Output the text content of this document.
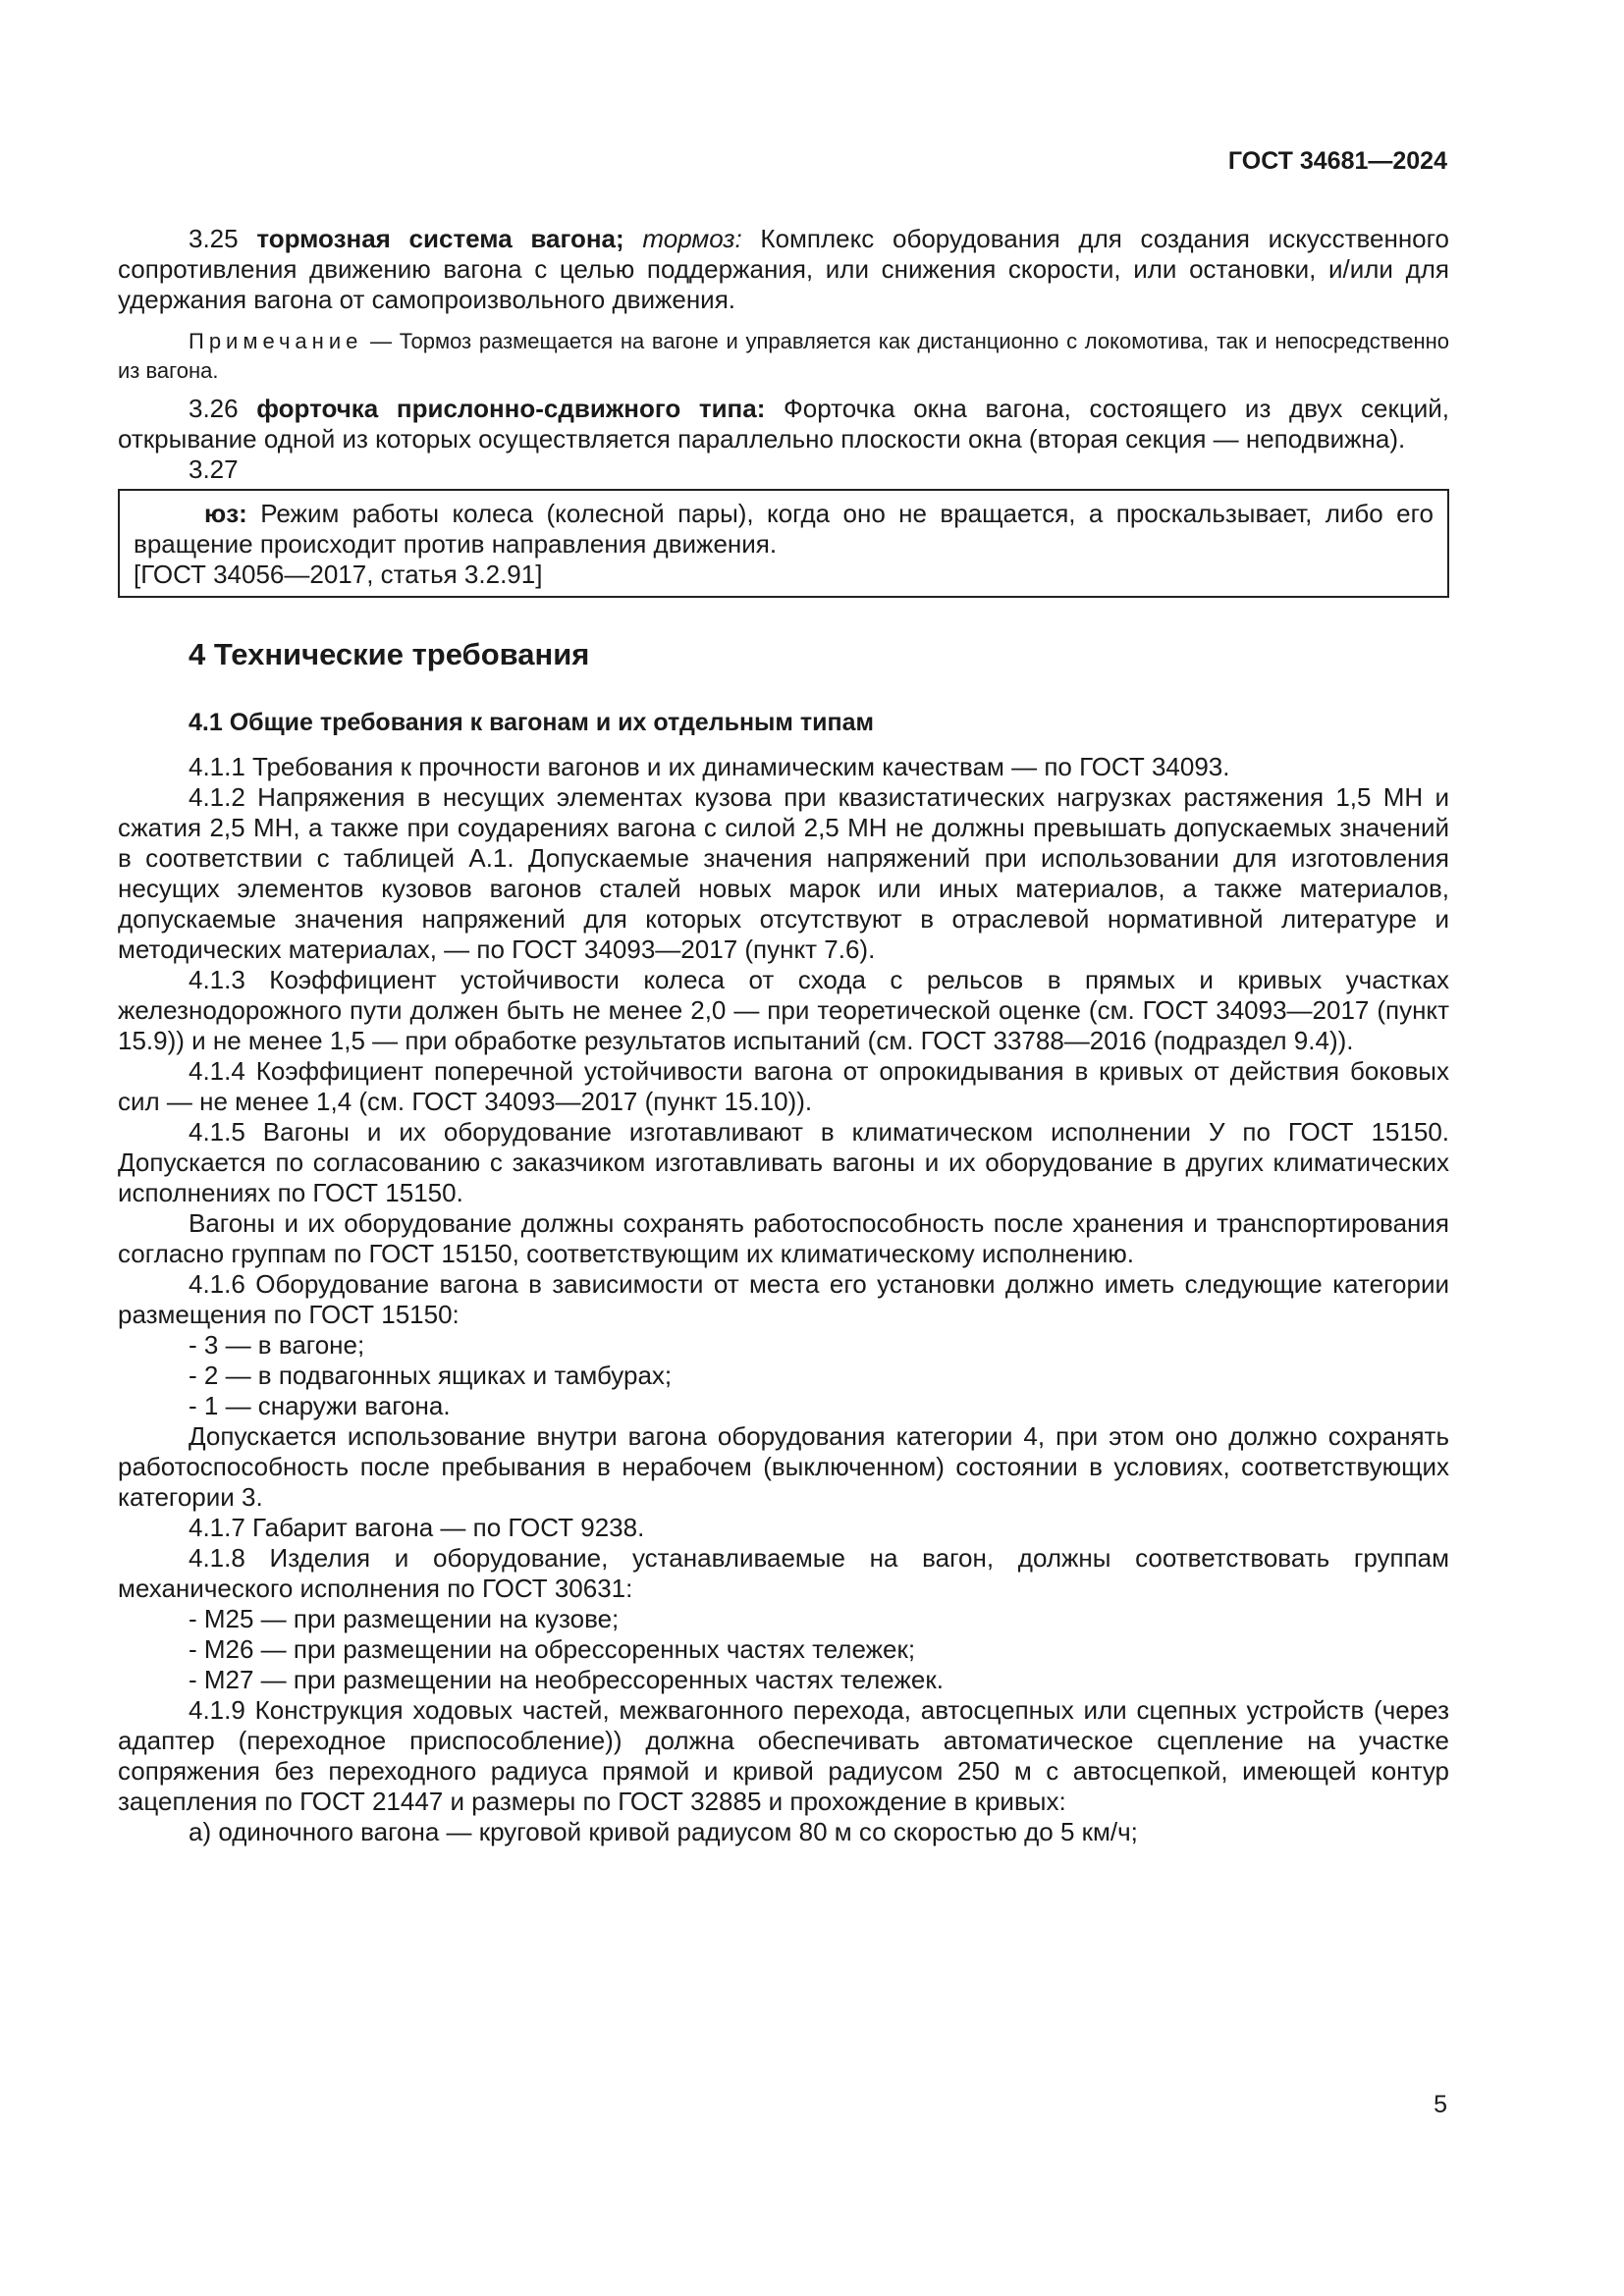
ГОСТ 34681—2024

3.25 тормозная система вагона; тормоз: Комплекс оборудования для создания искусственного сопротивления движению вагона с целью поддержания, или снижения скорости, или остановки, и/или для удержания вагона от самопроизвольного движения.

Примечание — Тормоз размещается на вагоне и управляется как дистанционно с локомотива, так и непосредственно из вагона.

3.26 форточка прислонно-сдвижного типа: Форточка окна вагона, состоящего из двух секций, открывание одной из которых осуществляется параллельно плоскости окна (вторая секция — неподвижна).

3.27

юз: Режим работы колеса (колесной пары), когда оно не вращается, а проскальзывает, либо его вращение происходит против направления движения.

[ГОСТ 34056—2017, статья 3.2.91]

4 Технические требования
4.1 Общие требования к вагонам и их отдельным типам

4.1.1 Требования к прочности вагонов и их динамическим качествам — по ГОСТ 34093.

4.1.2 Напряжения в несущих элементах кузова при квазистатических нагрузках растяжения 1,5 МН и сжатия 2,5 МН, а также при соударениях вагона с силой 2,5 МН не должны превышать допускаемых значений в соответствии с таблицей А.1. Допускаемые значения напряжений при использовании для изготовления несущих элементов кузовов вагонов сталей новых марок или иных материалов, а также материалов, допускаемые значения напряжений для которых отсутствуют в отраслевой нормативной литературе и методических материалах, — по ГОСТ 34093—2017 (пункт 7.6).

4.1.3 Коэффициент устойчивости колеса от схода с рельсов в прямых и кривых участках железнодорожного пути должен быть не менее 2,0 — при теоретической оценке (см. ГОСТ 34093—2017 (пункт 15.9)) и не менее 1,5 — при обработке результатов испытаний (см. ГОСТ 33788—2016 (подраздел 9.4)).

4.1.4 Коэффициент поперечной устойчивости вагона от опрокидывания в кривых от действия боковых сил — не менее 1,4 (см. ГОСТ 34093—2017 (пункт 15.10)).

4.1.5 Вагоны и их оборудование изготавливают в климатическом исполнении У по ГОСТ 15150. Допускается по согласованию с заказчиком изготавливать вагоны и их оборудование в других климатических исполнениях по ГОСТ 15150.

Вагоны и их оборудование должны сохранять работоспособность после хранения и транспортирования согласно группам по ГОСТ 15150, соответствующим их климатическому исполнению.

4.1.6 Оборудование вагона в зависимости от места его установки должно иметь следующие категории размещения по ГОСТ 15150:

- 3 — в вагоне;

- 2 — в подвагонных ящиках и тамбурах;

- 1 — снаружи вагона.

Допускается использование внутри вагона оборудования категории 4, при этом оно должно сохранять работоспособность после пребывания в нерабочем (выключенном) состоянии в условиях, соответствующих категории 3.

4.1.7 Габарит вагона — по ГОСТ 9238.

4.1.8 Изделия и оборудование, устанавливаемые на вагон, должны соответствовать группам механического исполнения по ГОСТ 30631:

- М25 — при размещении на кузове;

- М26 — при размещении на обрессоренных частях тележек;

- М27 — при размещении на необрессоренных частях тележек.

4.1.9 Конструкция ходовых частей, межвагонного перехода, автосцепных или сцепных устройств (через адаптер (переходное приспособление)) должна обеспечивать автоматическое сцепление на участке сопряжения без переходного радиуса прямой и кривой радиусом 250 м с автосцепкой, имеющей контур зацепления по ГОСТ 21447 и размеры по ГОСТ 32885 и прохождение в кривых:

а) одиночного вагона — круговой кривой радиусом 80 м со скоростью до 5 км/ч;

5
